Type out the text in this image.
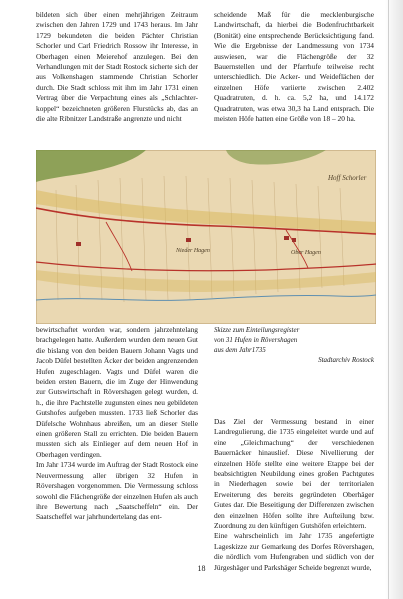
bildeten sich über einen mehrjährigen Zeitraum zwischen den Jahren 1729 und 1743 heraus. Im Jahr 1729 bekundeten die beiden Pächter Christian Schorler und Carl Friedrich Rossow ihr Interesse, in Oberhagen einen Meierehof anzulegen. Bei den Verhandlungen mit der Stadt Rostock sicherte sich der aus Volkenshagen stammende Christian Schorler durch. Die Stadt schloss mit ihm im Jahr 1731 einen Vertrag über die Verpachtung eines als „Schlachter-koppel“ bezeichneten größeren Flurstücks ab, das an die alte Ribnitzer Landstraße angrenzte und nicht

scheidende Maß für die mecklenburgische Landwirtschaft, da hierbei die Bodenfruchtbarkeit (Bonität) eine entsprechende Berücksichtigung fand. Wie die Ergebnisse der Landmessung von 1734 auswiesen, war die Flächengröße der 32 Bauernstellen und der Pfarrhufe teilweise recht unterschiedlich. Die Acker- und Weideflächen der einzelnen Höfe variierte zwischen 2.402 Quadratruten, d. h. ca. 5,2 ha, und 14.172 Quadratruten, was etwa 30,3 ha Land entsprach. Die meisten Höfe hatten eine Größe von 18 – 20 ha.

Hoff Schorler
Nieder Hagen	Ober Hagen

bewirtschaftet worden war, sondern jahrzehntelang brachgelegen hatte. Außerdem wurden dem neuen Gut die bislang von den beiden Bauern Johann Vagts und Jacob Düfel bestellten Äcker der beiden angrenzenden Hufen zugeschlagen. Vagts und Düfel waren die beiden ersten Bauern, die im Zuge der Hinwendung zur Gutswirtschaft in Rövershagen gelegt wurden, d. h., die ihre Pachtstelle zugunsten eines neu gebildeten Gutshofes aufgeben mussten. 1733 ließ Schorler das Düfelsche Wohnhaus abreißen, um an dieser Stelle einen größeren Stall zu errichten. Die beiden Bauern mussten sich als Einlieger auf dem neuen Hof in Oberhagen verdingen.

Im Jahr 1734 wurde im Auftrag der Stadt Rostock eine Neuvermessung aller übrigen 32 Hufen in Rövershagen vorgenommen. Die Vermessung schloss sowohl die Flächengröße der einzelnen Hufen als auch ihre Bewertung nach „Saatscheffeln“ ein. Der Saatscheffel war jahrhundertelang das ent-

Skizze zum Einteilungsregister
von 31 Hufen in Rövershagen
aus dem Jahr1735
Stadtarchiv Rostock

Das Ziel der Vermessung bestand in einer Landregulierung, die 1735 eingeleitet wurde und auf eine „Gleichmachung“ der verschiedenen Bauernäcker hinauslief. Diese Nivellierung der einzelnen Höfe stellte eine weitere Etappe bei der beabsichtigten Neubildung eines großen Pachtgutes in Niederhagen sowie bei der territorialen Erweiterung des bereits gegründeten Oberhäger Gutes dar. Die Beseitigung der Differenzen zwischen den einzelnen Höfen sollte ihre Aufteilung bzw. Zuordnung zu den künftigen Gutshöfen erleichtern.

Eine wahrscheinlich im Jahr 1735 angefertigte Lageskizze zur Gemarkung des Dorfes Rövershagen, die nördlich vom Hufengraben und südlich von der Jürgeshäger und Parkshäger Scheide begrenzt wurde,

18
